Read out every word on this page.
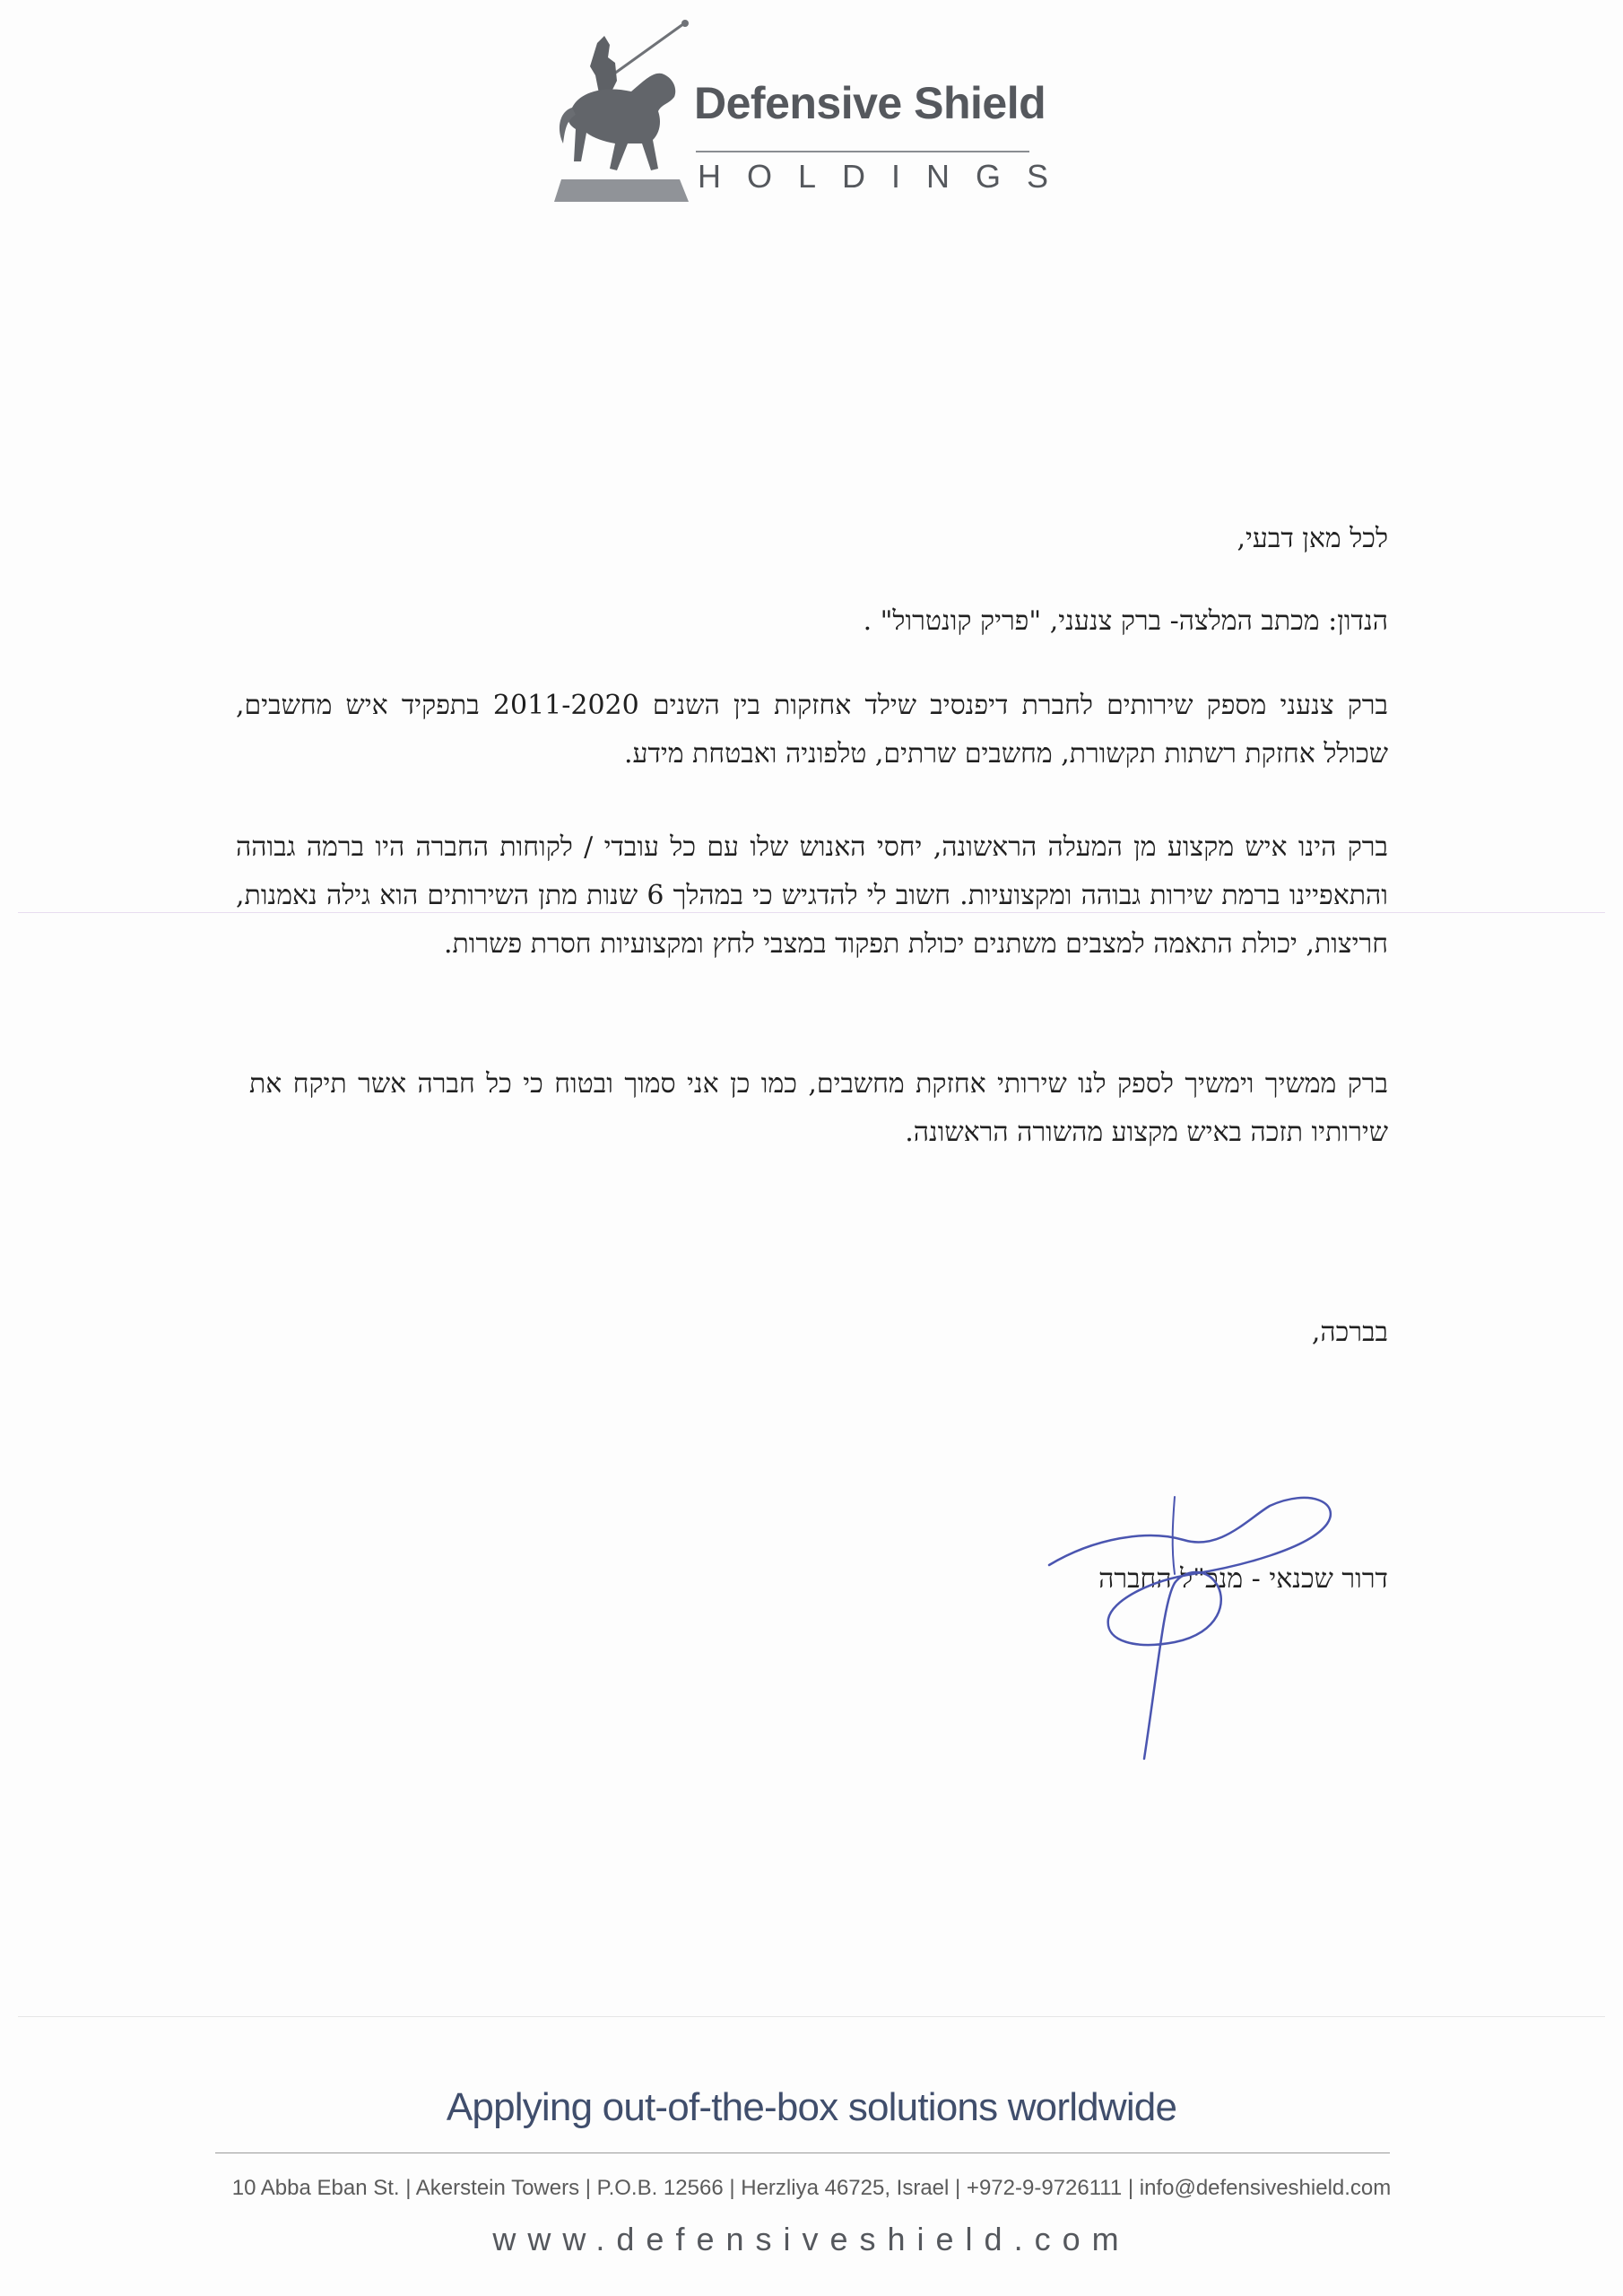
Defensive Shield
HOLDINGS
לכל מאן דבעי,
הנדון: מכתב המלצה- ברק צנעני, "פריק קונטרול" .
ברק צנעני מספק שירותים לחברת דיפנסיב שילד אחזקות בין השנים 2011-2020 בתפקיד איש מחשבים, שכולל אחזקת רשתות תקשורת, מחשבים שרתים, טלפוניה ואבטחת מידע.
ברק הינו איש מקצוע מן המעלה הראשונה, יחסי האנוש שלו עם כל עובדי / לקוחות החברה היו ברמה גבוהה והתאפיינו ברמת שירות גבוהה ומקצועיות. חשוב לי להדגיש כי במהלך 6 שנות מתן השירותים הוא גילה נאמנות, חריצות, יכולת התאמה למצבים משתנים יכולת תפקוד במצבי לחץ ומקצועיות חסרת פשרות.
ברק ממשיך וימשיך לספק לנו שירותי אחזקת מחשבים, כמו כן אני סמוך ובטוח כי כל חברה אשר תיקח את שירותיו תזכה באיש מקצוע מהשורה הראשונה.
בברכה,
דרור שכנאי - מנכ"ל החברה
Applying out-of-the-box solutions worldwide
10 Abba Eban St. | Akerstein Towers | P.O.B. 12566 | Herzliya 46725, Israel | +972-9-9726111 | info@defensiveshield.com
www.defensiveshield.com
